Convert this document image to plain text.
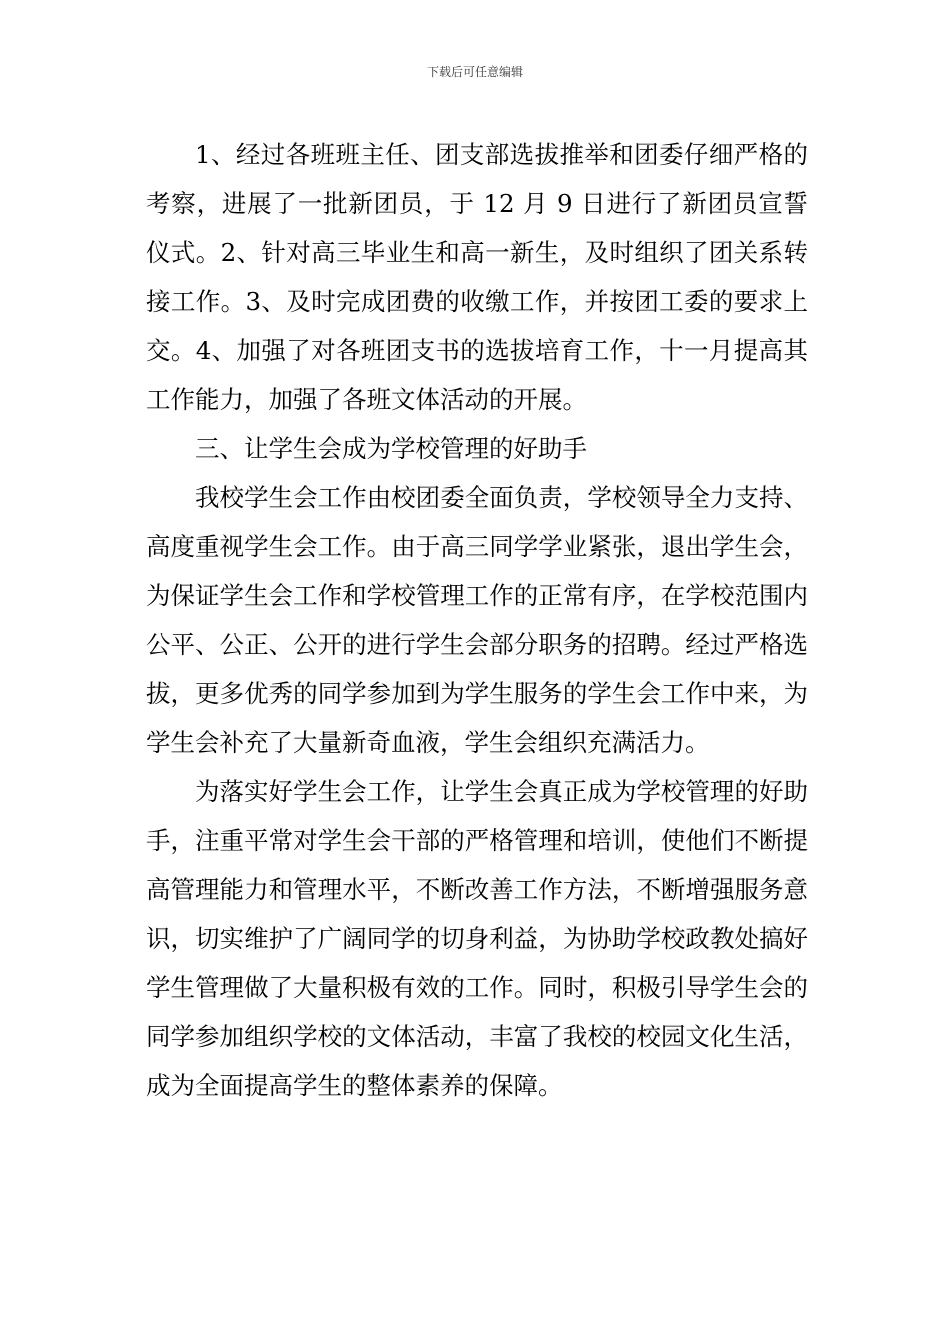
下载后可任意编辑

1、经过各班班主任、团支部选拔推举和团委仔细严格的考察，进展了一批新团员，于 12 月 9 日进行了新团员宣誓仪式。2、针对高三毕业生和高一新生，及时组织了团关系转接工作。3、及时完成团费的收缴工作，并按团工委的要求上交。4、加强了对各班团支书的选拔培育工作，十一月提高其工作能力，加强了各班文体活动的开展。

三、让学生会成为学校管理的好助手

我校学生会工作由校团委全面负责，学校领导全力支持、高度重视学生会工作。由于高三同学学业紧张，退出学生会，为保证学生会工作和学校管理工作的正常有序，在学校范围内公平、公正、公开的进行学生会部分职务的招聘。经过严格选拔，更多优秀的同学参加到为学生服务的学生会工作中来，为学生会补充了大量新奇血液，学生会组织充满活力。

为落实好学生会工作，让学生会真正成为学校管理的好助手，注重平常对学生会干部的严格管理和培训，使他们不断提高管理能力和管理水平，不断改善工作方法，不断增强服务意识，切实维护了广阔同学的切身利益，为协助学校政教处搞好学生管理做了大量积极有效的工作。同时，积极引导学生会的同学参加组织学校的文体活动，丰富了我校的校园文化生活，成为全面提高学生的整体素养的保障。
